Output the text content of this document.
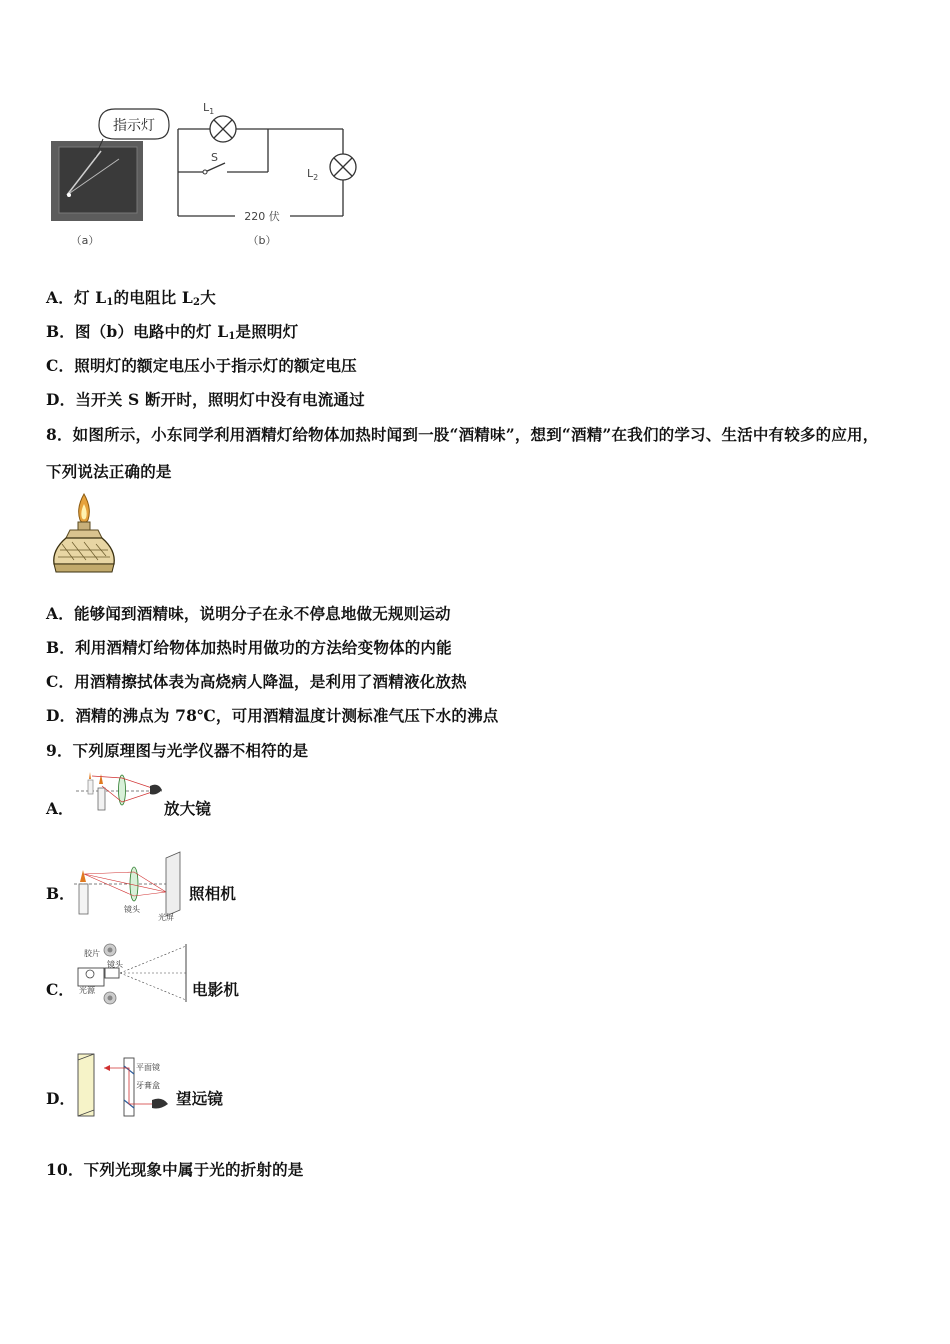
指示灯
$L_1$
$L_2$
S
220 伏
（a）	（b）
A．灯 $L_1$的电阻比 $L_2$大
B．图（b）电路中的灯 $L_1$是照明灯
C．照明灯的额定电压小于指示灯的额定电压
D．当开关 S 断开时，照明灯中没有电流通过
8．如图所示，小东同学利用酒精灯给物体加热时闻到一股“酒精味”，想到“酒精”在我们的学习、生活中有较多的应用，
下列说法正确的是
A．能够闻到酒精味，说明分子在永不停息地做无规则运动
B．利用酒精灯给物体加热时用做功的方法给变物体的内能
C．用酒精擦拭体表为高烧病人降温，是利用了酒精液化放热
D．酒精的沸点为 78℃，可用酒精温度计测标准气压下水的沸点
9．下列原理图与光学仪器不相符的是
A．	放大镜
B．
镜头
光屏
照相机
C．
胶片
镜头
光源	电影机
D．
平面镜
牙膏盒
望远镜
10．下列光现象中属于光的折射的是
